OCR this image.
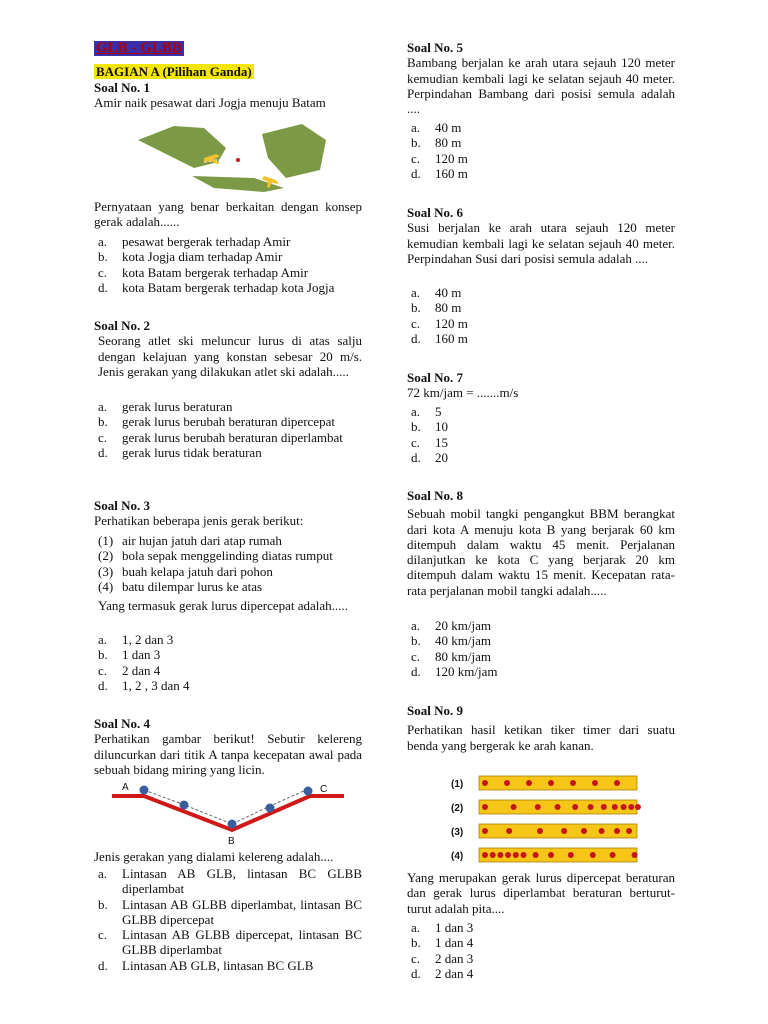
GLB - GLBB
BAGIAN A (Pilihan Ganda)
Soal No. 1
Amir naik pesawat dari Jogja menuju Batam
Pernyataan yang benar berkaitan dengan konsep gerak adalah......
a.	pesawat bergerak terhadap Amir
b.	kota Jogja diam terhadap Amir
c.	kota Batam bergerak terhadap Amir
d.	kota Batam bergerak terhadap kota Jogja
Soal No. 2
Seorang atlet ski meluncur lurus di atas salju dengan kelajuan yang konstan sebesar 20 m/s. Jenis gerakan yang dilakukan atlet ski adalah.....
a.	gerak lurus beraturan
b.	gerak lurus berubah beraturan dipercepat
c.	gerak lurus berubah beraturan diperlambat
d.	gerak lurus tidak beraturan
Soal No. 3
Perhatikan beberapa jenis gerak berikut:
(1) air hujan jatuh dari atap rumah
(2) bola sepak menggelinding diatas rumput
(3) buah kelapa jatuh dari pohon
(4) batu dilempar lurus ke atas
Yang termasuk gerak lurus dipercepat adalah.....
a.	1, 2 dan 3
b.	1 dan 3
c.	2 dan 4
d.	1, 2 , 3 dan 4
Soal No. 4
Perhatikan gambar berikut! Sebutir kelereng diluncurkan dari titik A tanpa kecepatan awal pada sebuah bidang miring yang licin.
A	C
B
Jenis gerakan yang dialami kelereng adalah....
a.	Lintasan AB GLB, lintasan BC GLBB diperlambat
b.	Lintasan AB GLBB diperlambat, lintasan BC GLBB dipercepat
c.	Lintasan AB GLBB dipercepat, lintasan BC GLBB diperlambat
d.	Lintasan AB GLB, lintasan BC GLB
Soal No. 5
Bambang berjalan ke arah utara sejauh 120 meter kemudian kembali lagi ke selatan sejauh 40 meter. Perpindahan Bambang dari posisi semula adalah ....
a.	40 m
b.	80 m
c.	120 m
d.	160 m
Soal No. 6
Susi berjalan ke arah utara sejauh 120 meter kemudian kembali lagi ke selatan sejauh 40 meter. Perpindahan Susi dari posisi semula adalah ....
a.	40 m
b.	80 m
c.	120 m
d.	160 m
Soal No. 7
72 km/jam = .......m/s
a.	5
b.	10
c.	15
d.	20
Soal No. 8
Sebuah mobil tangki pengangkut BBM berangkat dari kota A menuju kota B yang berjarak 60 km ditempuh dalam waktu 45 menit. Perjalanan dilanjutkan ke kota C yang berjarak 20 km ditempuh dalam waktu 15 menit. Kecepatan rata-rata perjalanan mobil tangki adalah.....
a.	20 km/jam
b.	40 km/jam
c.	80 km/jam
d.	120 km/jam
Soal No. 9
Perhatikan hasil ketikan tiker timer dari suatu benda yang bergerak ke arah kanan.
(1)
(2)
(3)
(4)
Yang merupakan gerak lurus dipercepat beraturan dan gerak lurus diperlambat beraturan berturut-turut adalah pita....
a.	1 dan 3
b.	1 dan 4
c.	2 dan 3
d.	2 dan 4
